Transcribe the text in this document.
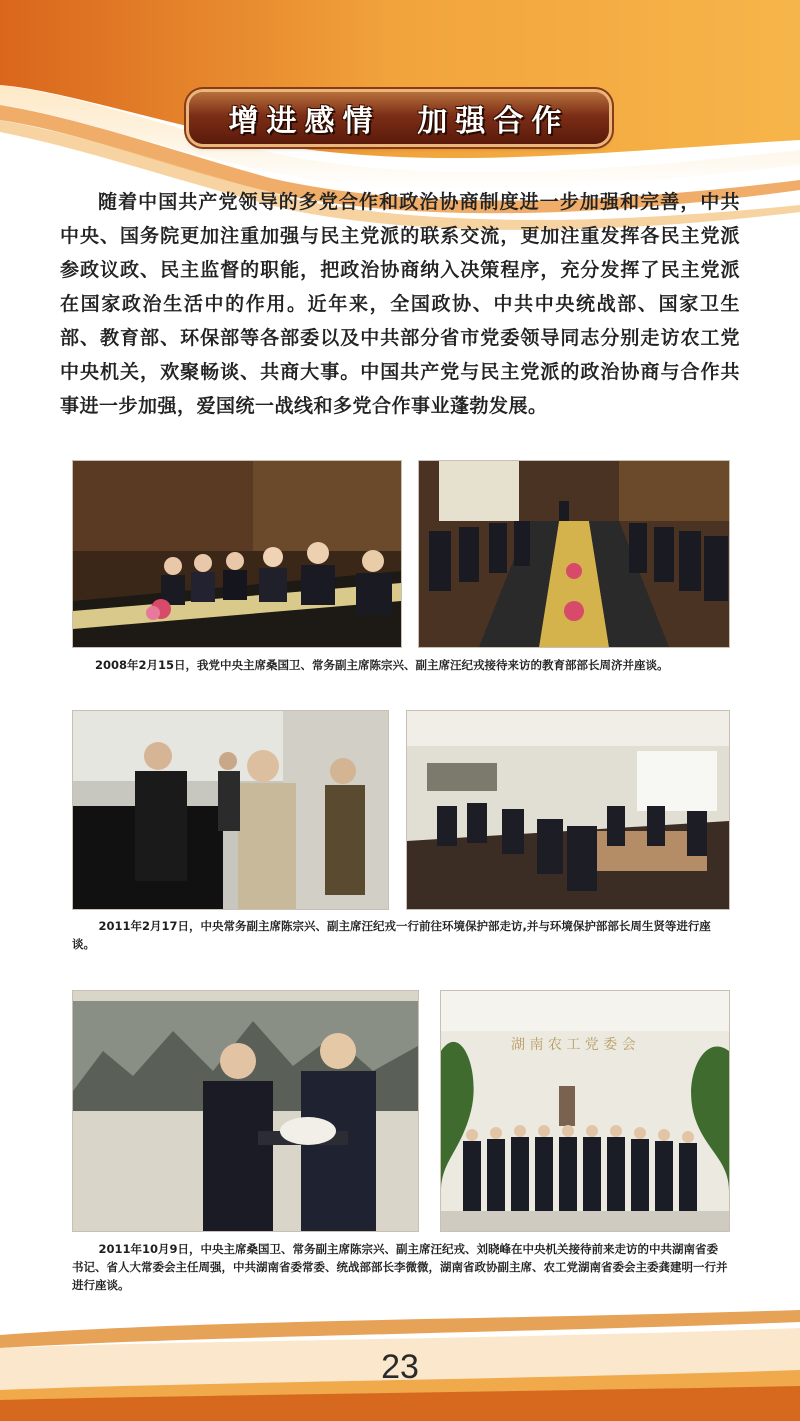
增进感情  加强合作

随着中国共产党领导的多党合作和政治协商制度进一步加强和完善，中共中央、国务院更加注重加强与民主党派的联系交流，更加注重发挥各民主党派参政议政、民主监督的职能，把政治协商纳入决策程序，充分发挥了民主党派在国家政治生活中的作用。近年来，全国政协、中共中央统战部、国家卫生部、教育部、环保部等各部委以及中共部分省市党委领导同志分别走访农工党中央机关，欢聚畅谈、共商大事。中国共产党与民主党派的政治协商与合作共事进一步加强，爱国统一战线和多党合作事业蓬勃发展。

2008年2月15日，我党中央主席桑国卫、常务副主席陈宗兴、副主席汪纪戎接待来访的教育部部长周济并座谈。

2011年2月17日，中央常务副主席陈宗兴、副主席汪纪戎一行前往环境保护部走访,并与环境保护部部长周生贤等进行座谈。

湖 南 农 工 党 委 会

2011年10月9日，中央主席桑国卫、常务副主席陈宗兴、副主席汪纪戎、刘晓峰在中央机关接待前来走访的中共湖南省委书记、省人大常委会主任周强，中共湖南省委常委、统战部部长李微微，湖南省政协副主席、农工党湖南省委会主委龚建明一行并进行座谈。

23
